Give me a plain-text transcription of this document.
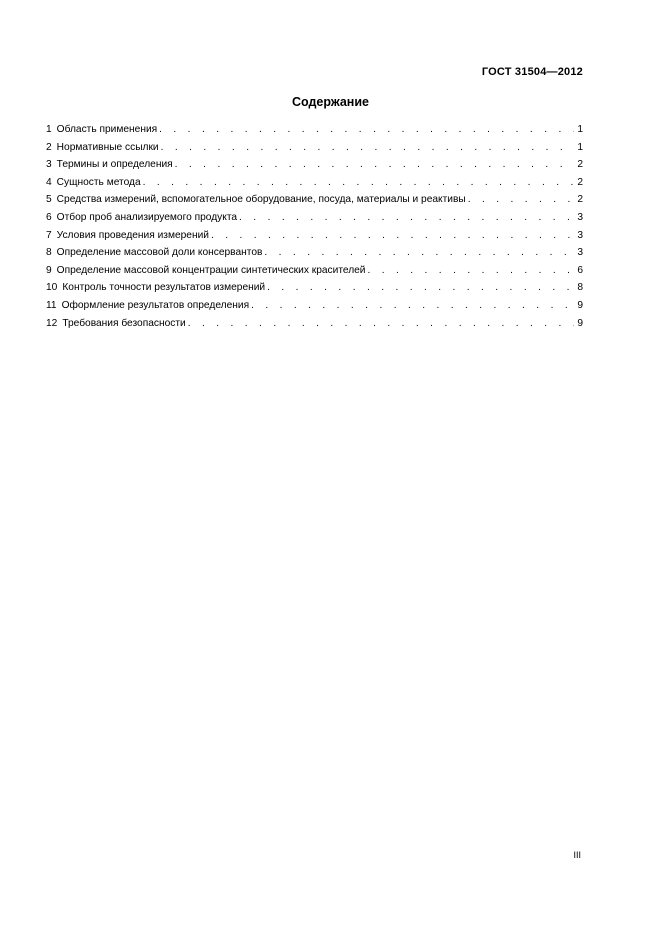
ГОСТ 31504—2012
Содержание
1 Область применения . . .	1
2 Нормативные ссылки . . .	1
3 Термины и определения . . .	2
4 Сущность метода . . .	2
5 Средства измерений, вспомогательное оборудование, посуда, материалы и реактивы . . .	2
6 Отбор проб анализируемого продукта . . .	3
7 Условия проведения измерений . . .	3
8 Определение массовой доли консервантов . . .	3
9 Определение массовой концентрации синтетических красителей . . .	6
10 Контроль точности результатов измерений . . .	8
11 Оформление результатов определения . . .	9
12 Требования безопасности . . .	9
III
